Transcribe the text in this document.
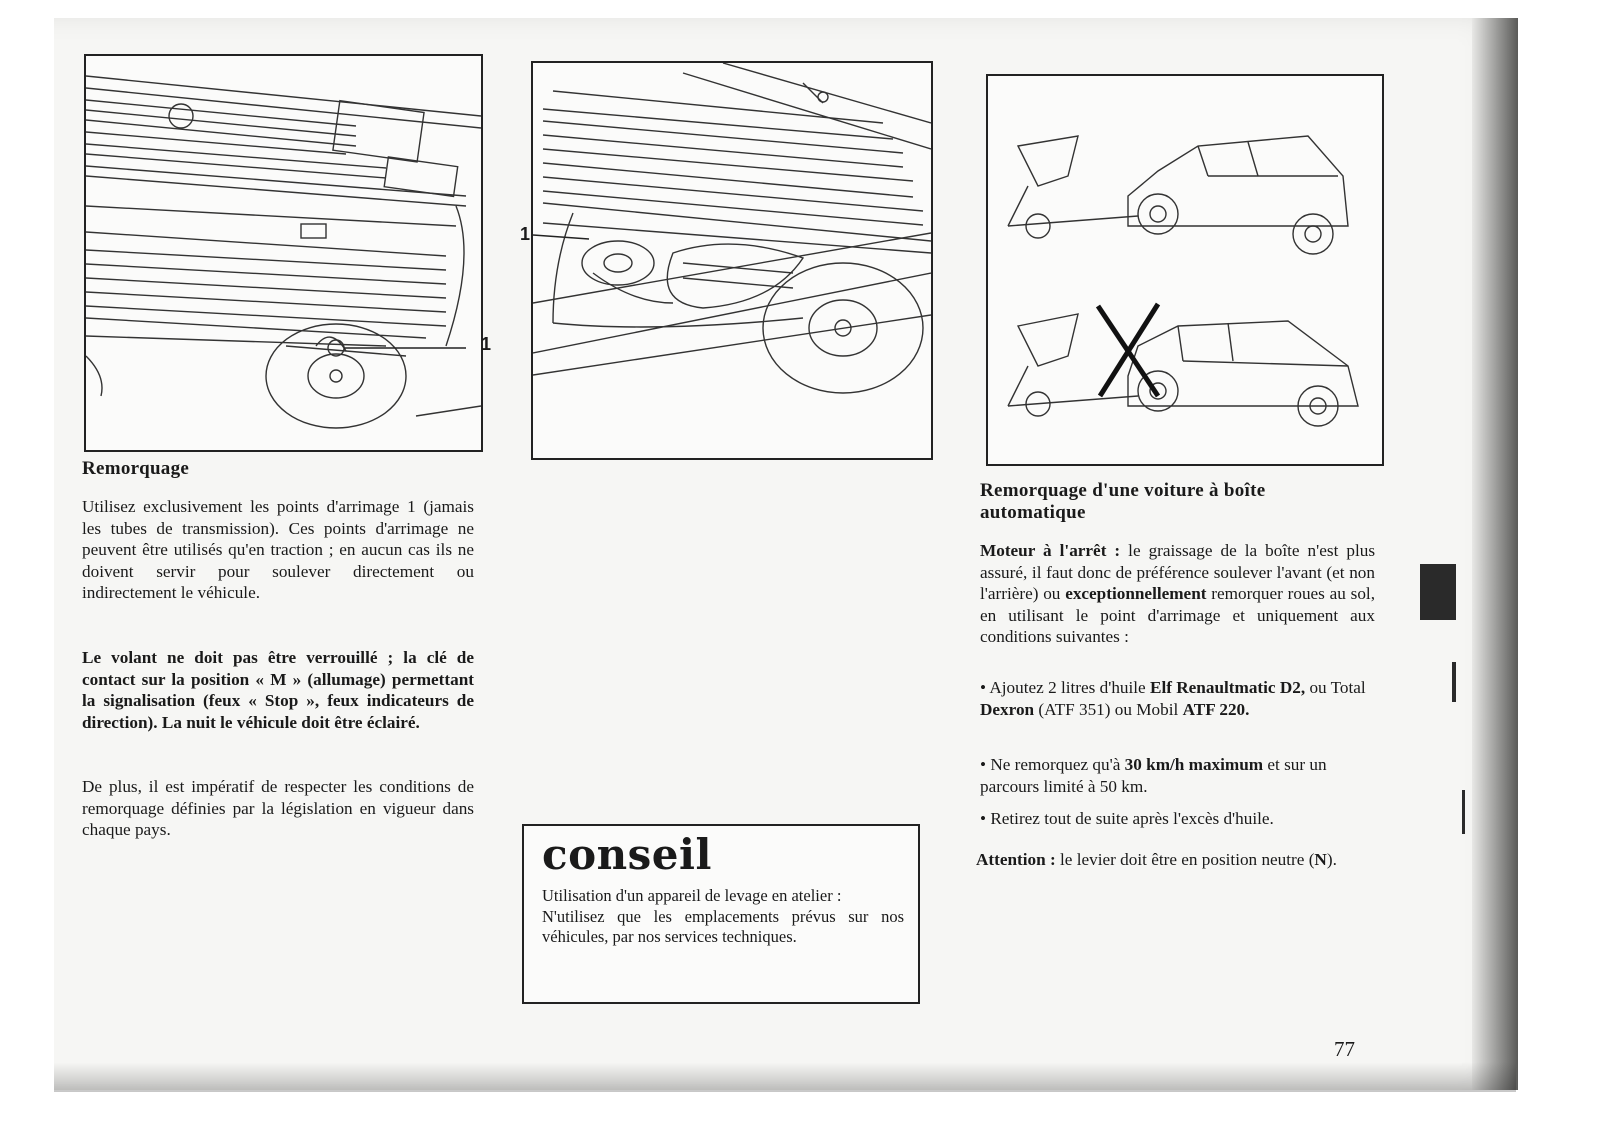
1
1
Remorquage
Utilisez exclusivement les points d'arrimage 1 (jamais les tubes de transmission). Ces points d'arrimage ne peuvent être utilisés qu'en traction ; en aucun cas ils ne doivent servir pour soulever directement ou indirectement le véhicule.
Le volant ne doit pas être verrouillé ; la clé de contact sur la position « M » (allumage) permettant la signalisation (feux « Stop », feux indicateurs de direction). La nuit le véhicule doit être éclairé.
De plus, il est impératif de respecter les conditions de remorquage définies par la législation en vigueur dans chaque pays.
conseil
Utilisation d'un appareil de levage en atelier :
N'utilisez que les emplacements prévus sur nos véhicules, par nos services techniques.
Remorquage d'une voiture à boîte automatique
Moteur à l'arrêt : le graissage de la boîte n'est plus assuré, il faut donc de préférence soulever l'avant (et non l'arrière) ou exceptionnellement remorquer roues au sol, en utilisant le point d'arrimage et uniquement aux conditions suivantes :
• Ajoutez 2 litres d'huile Elf Renaultmatic D2, ou Total Dexron (ATF 351) ou Mobil ATF 220.
• Ne remorquez qu'à 30 km/h maximum et sur un parcours limité à 50 km.
• Retirez tout de suite après l'excès d'huile.
Attention : le levier doit être en position neutre (N).
77
